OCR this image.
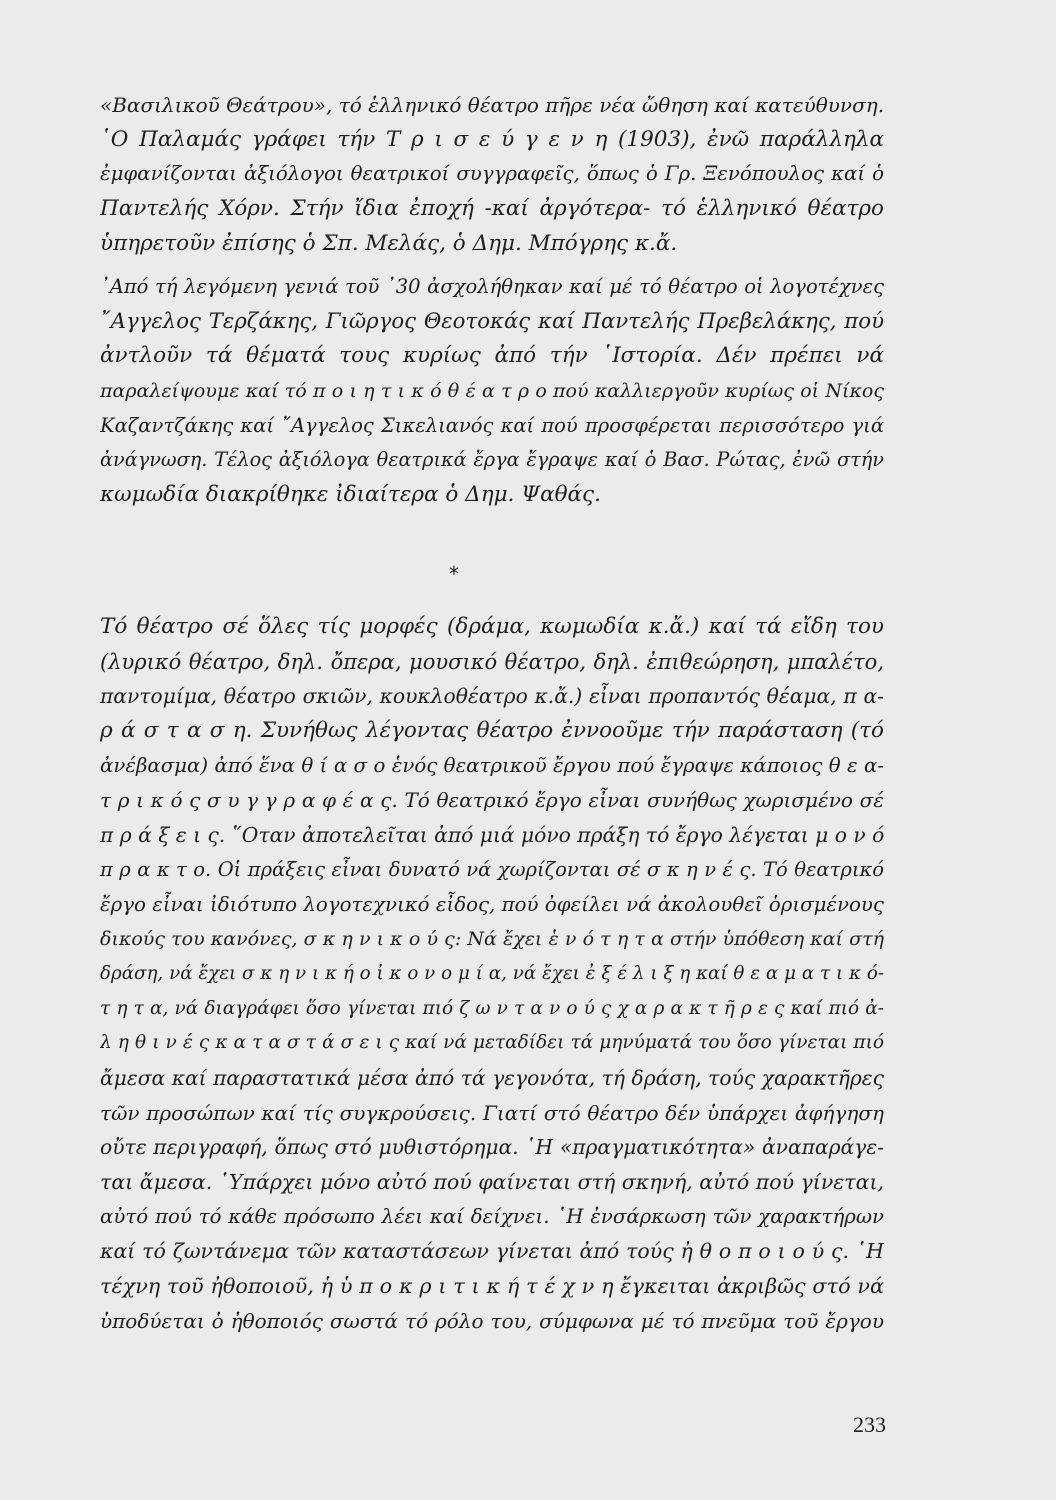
«Βασιλικοῦ Θεάτρου», τό ἑλληνικό θέατρο πῆρε νέα ὤθηση καί κατεύθυνση.
῾Ο Παλαμάς γράφει τήν Τ ρ ι σ ε ύ γ ε ν η (1903), ἐνῶ παράλληλα
ἐμφανίζονται ἀξιόλογοι θεατρικοί συγγραφεῖς, ὅπως ὁ Γρ. Ξενόπουλος καί ὁ
Παντελής Χόρν. Στήν ἴδια ἐποχή -καί ἀργότερα- τό ἑλληνικό θέατρο
ὑπηρετοῦν ἐπίσης ὁ Σπ. Μελάς, ὁ Δημ. Μπόγρης κ.ἄ.
᾿Από τή λεγόμενη γενιά τοῦ ᾿30 ἀσχολήθηκαν καί μέ τό θέατρο οἱ λογοτέχνες
῎Αγγελος Τερζάκης, Γιῶργος Θεοτοκάς καί Παντελής Πρεβελάκης, πού
ἀντλοῦν τά θέματά τους κυρίως ἀπό τήν ῾Ιστορία. Δέν πρέπει νά
παραλείψουμε καί τό π ο ι η τ ι κ ό θ έ α τ ρ ο πού καλλιεργοῦν κυρίως οἱ Νίκος
Καζαντζάκης καί ῎Αγγελος Σικελιανός καί πού προσφέρεται περισσότερο γιά
ἀνάγνωση. Τέλος ἀξιόλογα θεατρικά ἔργα ἔγραψε καί ὁ Βασ. Ρώτας, ἐνῶ στήν
κωμωδία διακρίθηκε ἰδιαίτερα ὁ Δημ. Ψαθάς.
*
Τό θέατρο σέ ὅλες τίς μορφές (δράμα, κωμωδία κ.ἄ.) καί τά εἴδη του
(λυρικό θέατρο, δηλ. ὄπερα, μουσικό θέατρο, δηλ. ἐπιθεώρηση, μπαλέτο,
παντομίμα, θέατρο σκιῶν, κουκλοθέατρο κ.ἄ.) εἶναι προπαντός θέαμα, π α-
ρ ά σ τ α σ η. Συνήθως λέγοντας θέατρο ἐννοοῦμε τήν παράσταση (τό
ἀνέβασμα) ἀπό ἕνα θ ί α σ ο ἑνός θεατρικοῦ ἔργου πού ἔγραψε κάποιος θ ε α-
τ ρ ι κ ό ς σ υ γ γ ρ α φ έ α ς. Τό θεατρικό ἔργο εἶναι συνήθως χωρισμένο σέ
π ρ ά ξ ε ι ς. ῞Οταν ἀποτελεῖται ἀπό μιά μόνο πράξη τό ἔργο λέγεται μ ο ν ό
π ρ α κ τ ο. Οἱ πράξεις εἶναι δυνατό νά χωρίζονται σέ σ κ η ν έ ς. Τό θεατρικό
ἔργο εἶναι ἰδιότυπο λογοτεχνικό εἶδος, πού ὀφείλει νά ἀκολουθεῖ ὁρισμένους
δικούς του κανόνες, σ κ η ν ι κ ο ύ ς: Νά ἔχει ἑ ν ό τ η τ α στήν ὑπόθεση καί στή
δράση, νά ἔχει σ κ η ν ι κ ή ο ἰ κ ο ν ο μ ί α, νά ἔχει ἐ ξ έ λ ι ξ η καί θ ε α μ α τ ι κ ό-
τ η τ α, νά διαγράφει ὅσο γίνεται πιό ζ ω ν τ α ν ο ύ ς χ α ρ α κ τ ῆ ρ ε ς καί πιό ἀ-
λ η θ ι ν έ ς κ α τ α σ τ ά σ ε ι ς καί νά μεταδίδει τά μηνύματά του ὅσο γίνεται πιό
ἄμεσα καί παραστατικά μέσα ἀπό τά γεγονότα, τή δράση, τούς χαρακτῆρες
τῶν προσώπων καί τίς συγκρούσεις. Γιατί στό θέατρο δέν ὑπάρχει ἀφήγηση
οὔτε περιγραφή, ὅπως στό μυθιστόρημα. ῾Η «πραγματικότητα» ἀναπαράγε-
ται ἄμεσα. ῾Υπάρχει μόνο αὐτό πού φαίνεται στή σκηνή, αὐτό πού γίνεται,
αὐτό πού τό κάθε πρόσωπο λέει καί δείχνει. ῾Η ἐνσάρκωση τῶν χαρακτήρων
καί τό ζωντάνεμα τῶν καταστάσεων γίνεται ἀπό τούς ἠ θ ο π ο ι ο ύ ς. ῾Η
τέχνη τοῦ ἠθοποιοῦ, ἡ ὑ π ο κ ρ ι τ ι κ ή τ έ χ ν η ἔγκειται ἀκριβῶς στό νά
ὑποδύεται ὁ ἠθοποιός σωστά τό ρόλο του, σύμφωνα μέ τό πνεῦμα τοῦ ἔργου
233
